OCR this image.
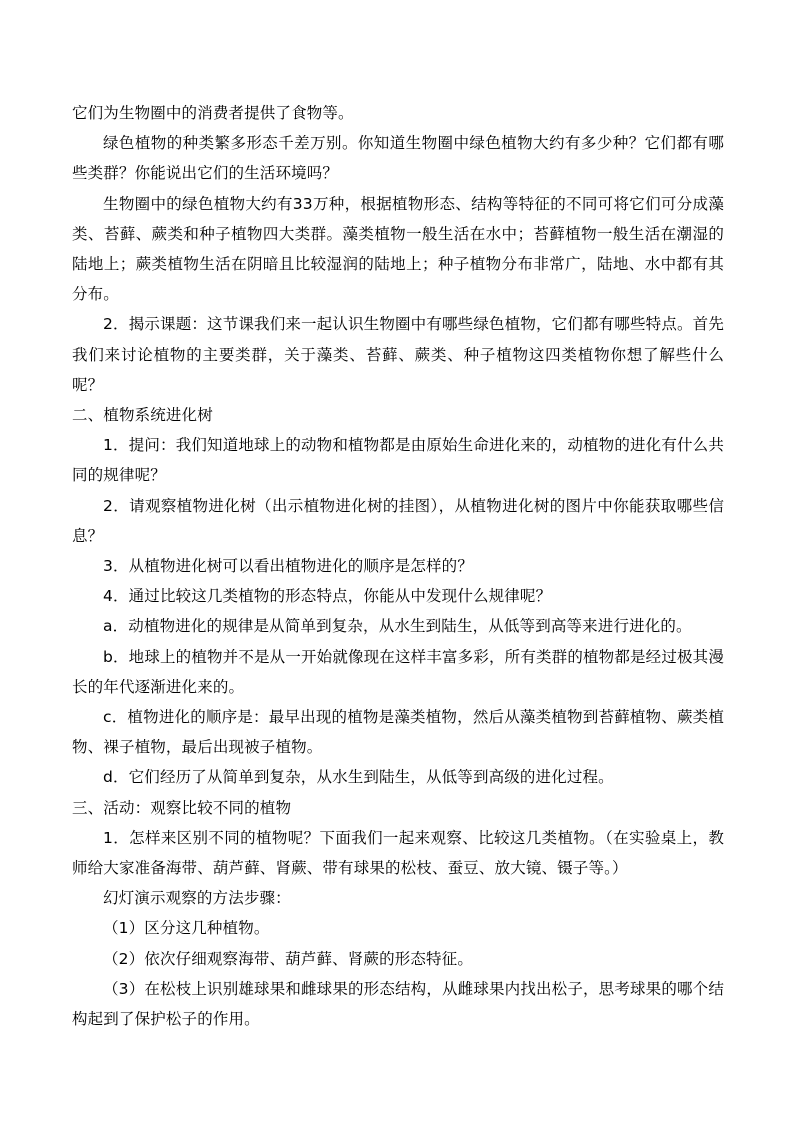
它们为生物圈中的消费者提供了食物等。

绿色植物的种类繁多形态千差万别。你知道生物圈中绿色植物大约有多少种？它们都有哪些类群？你能说出它们的生活环境吗？

生物圈中的绿色植物大约有33万种，根据植物形态、结构等特征的不同可将它们可分成藻类、苔藓、蕨类和种子植物四大类群。藻类植物一般生活在水中；苔藓植物一般生活在潮湿的陆地上；蕨类植物生活在阴暗且比较湿润的陆地上；种子植物分布非常广，陆地、水中都有其分布。

2．揭示课题：这节课我们来一起认识生物圈中有哪些绿色植物，它们都有哪些特点。首先我们来讨论植物的主要类群，关于藻类、苔藓、蕨类、种子植物这四类植物你想了解些什么呢？

二、植物系统进化树

1．提问：我们知道地球上的动物和植物都是由原始生命进化来的，动植物的进化有什么共同的规律呢？

2．请观察植物进化树（出示植物进化树的挂图），从植物进化树的图片中你能获取哪些信息？

3．从植物进化树可以看出植物进化的顺序是怎样的？

4．通过比较这几类植物的形态特点，你能从中发现什么规律呢？

a．动植物进化的规律是从简单到复杂，从水生到陆生，从低等到高等来进行进化的。

b．地球上的植物并不是从一开始就像现在这样丰富多彩，所有类群的植物都是经过极其漫长的年代逐渐进化来的。

c．植物进化的顺序是：最早出现的植物是藻类植物，然后从藻类植物到苔藓植物、蕨类植物、裸子植物，最后出现被子植物。

d．它们经历了从简单到复杂，从水生到陆生，从低等到高级的进化过程。

三、活动：观察比较不同的植物

1．怎样来区别不同的植物呢？下面我们一起来观察、比较这几类植物。（在实验桌上，教师给大家准备海带、葫芦藓、肾蕨、带有球果的松枝、蚕豆、放大镜、镊子等。）

幻灯演示观察的方法步骤：

（1）区分这几种植物。

（2）依次仔细观察海带、葫芦藓、肾蕨的形态特征。

（3）在松枝上识别雄球果和雌球果的形态结构，从雌球果内找出松子，思考球果的哪个结构起到了保护松子的作用。
